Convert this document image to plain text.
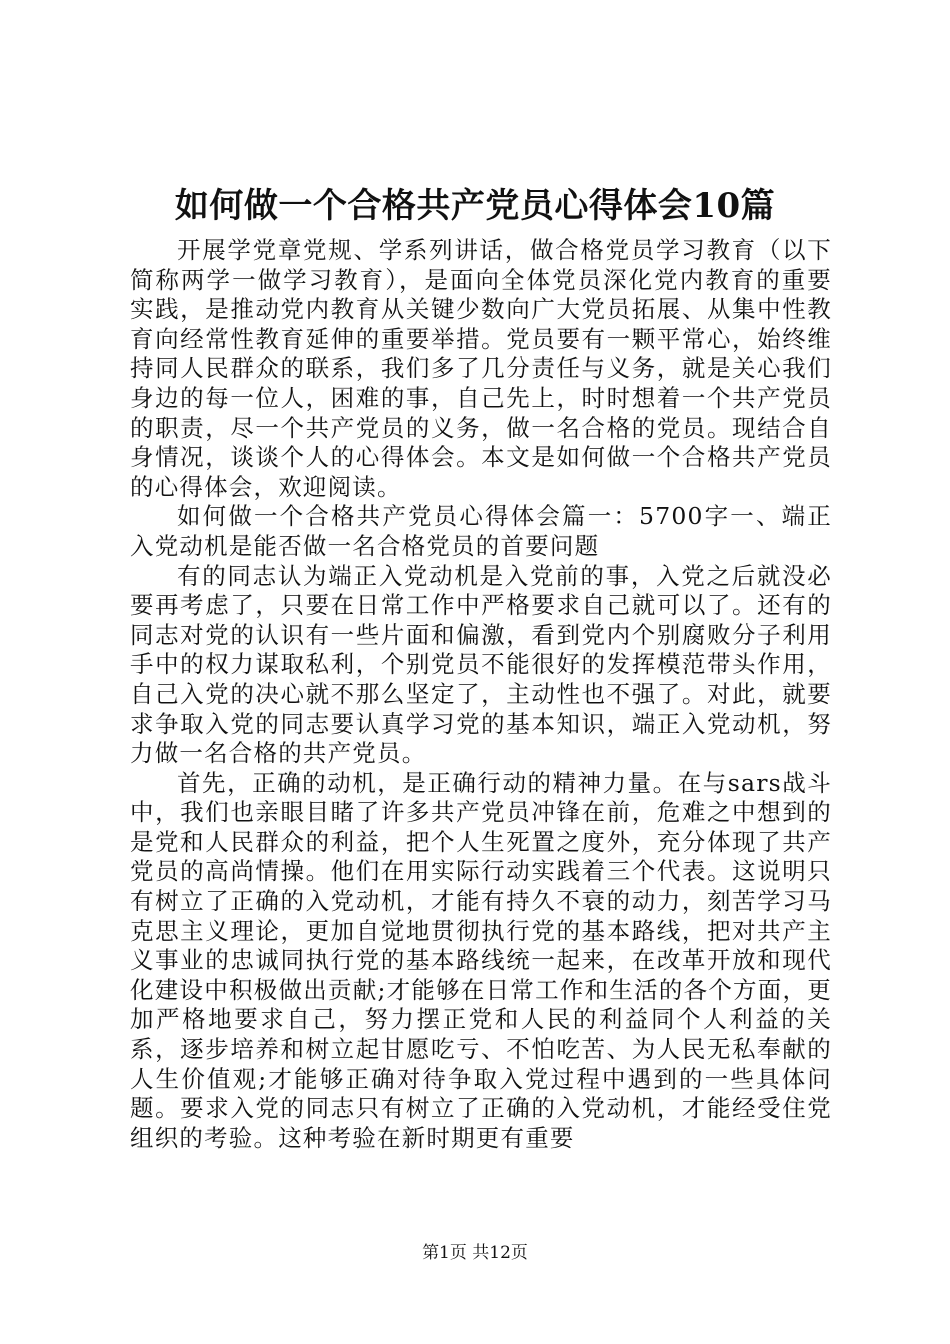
如何做一个合格共产党员心得体会10篇

开展学党章党规、学系列讲话，做合格党员学习教育（以下简称两学一做学习教育），是面向全体党员深化党内教育的重要实践，是推动党内教育从关键少数向广大党员拓展、从集中性教育向经常性教育延伸的重要举措。党员要有一颗平常心，始终维持同人民群众的联系，我们多了几分责任与义务，就是关心我们身边的每一位人，困难的事，自己先上，时时想着一个共产党员的职责，尽一个共产党员的义务，做一名合格的党员。现结合自身情况，谈谈个人的心得体会。本文是如何做一个合格共产党员的心得体会，欢迎阅读。

如何做一个合格共产党员心得体会篇一：5700字一、端正入党动机是能否做一名合格党员的首要问题

有的同志认为端正入党动机是入党前的事，入党之后就没必要再考虑了，只要在日常工作中严格要求自己就可以了。还有的同志对党的认识有一些片面和偏激，看到党内个别腐败分子利用手中的权力谋取私利，个别党员不能很好的发挥模范带头作用，自己入党的决心就不那么坚定了，主动性也不强了。对此，就要求争取入党的同志要认真学习党的基本知识，端正入党动机，努力做一名合格的共产党员。

首先，正确的动机，是正确行动的精神力量。在与sars战斗中，我们也亲眼目睹了许多共产党员冲锋在前，危难之中想到的是党和人民群众的利益，把个人生死置之度外，充分体现了共产党员的高尚情操。他们在用实际行动实践着三个代表。这说明只有树立了正确的入党动机，才能有持久不衰的动力，刻苦学习马克思主义理论，更加自觉地贯彻执行党的基本路线，把对共产主义事业的忠诚同执行党的基本路线统一起来，在改革开放和现代化建设中积极做出贡献;才能够在日常工作和生活的各个方面，更加严格地要求自己，努力摆正党和人民的利益同个人利益的关系，逐步培养和树立起甘愿吃亏、不怕吃苦、为人民无私奉献的人生价值观;才能够正确对待争取入党过程中遇到的一些具体问题。要求入党的同志只有树立了正确的入党动机，才能经受住党组织的考验。这种考验在新时期更有重要

第1页 共12页
